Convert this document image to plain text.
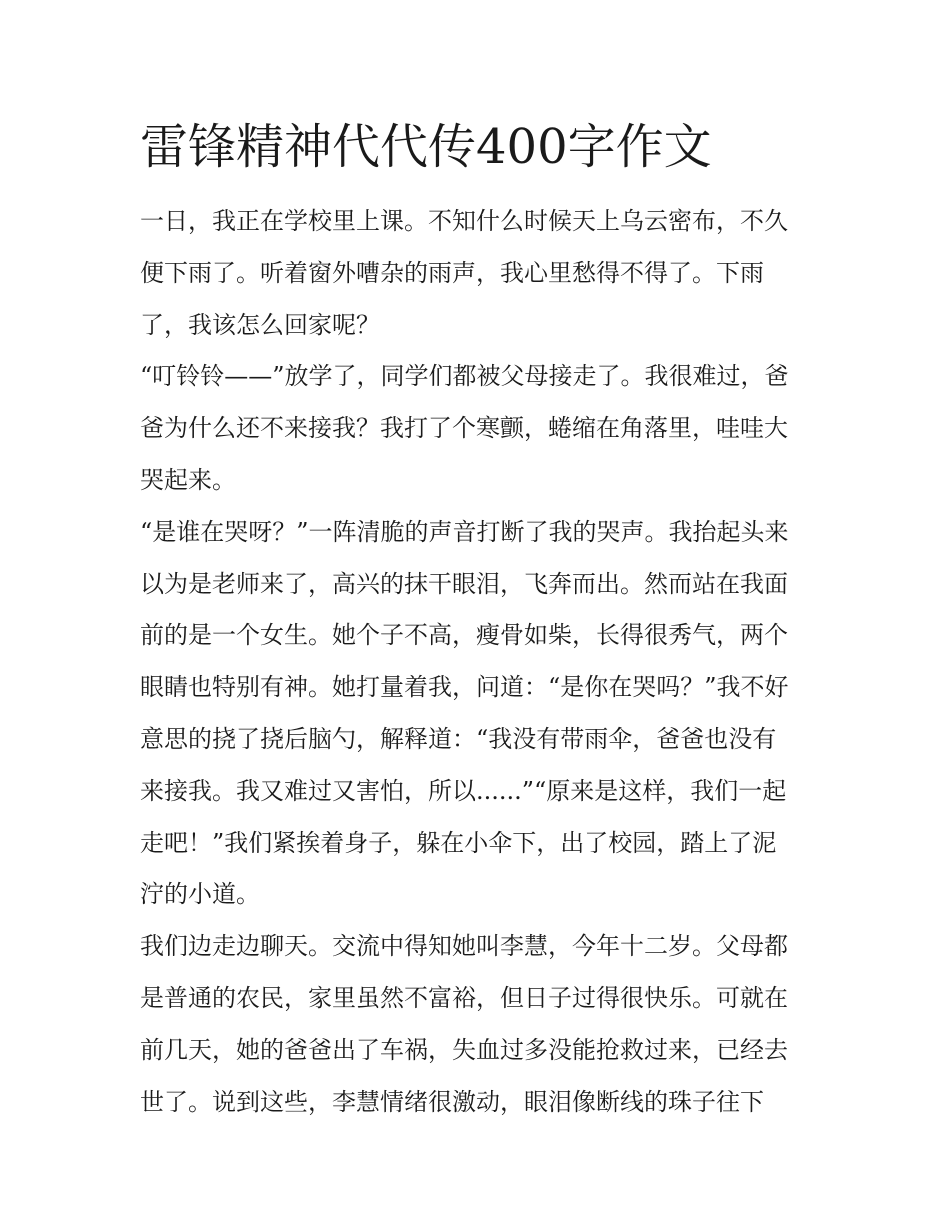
雷锋精神代代传400字作文

一日，我正在学校里上课。不知什么时候天上乌云密布，不久
便下雨了。听着窗外嘈杂的雨声，我心里愁得不得了。下雨
了，我该怎么回家呢？

“叮铃铃——”放学了，同学们都被父母接走了。我很难过，爸
爸为什么还不来接我？我打了个寒颤，蜷缩在角落里，哇哇大
哭起来。

“是谁在哭呀？”一阵清脆的声音打断了我的哭声。我抬起头来
以为是老师来了，高兴的抹干眼泪，飞奔而出。然而站在我面
前的是一个女生。她个子不高，瘦骨如柴，长得很秀气，两个
眼睛也特别有神。她打量着我，问道：“是你在哭吗？”我不好
意思的挠了挠后脑勺，解释道：“我没有带雨伞，爸爸也没有
来接我。我又难过又害怕，所以......”“原来是这样，我们一起
走吧！”我们紧挨着身子，躲在小伞下，出了校园，踏上了泥
泞的小道。

我们边走边聊天。交流中得知她叫李慧，今年十二岁。父母都
是普通的农民，家里虽然不富裕，但日子过得很快乐。可就在
前几天，她的爸爸出了车祸，失血过多没能抢救过来，已经去
世了。说到这些，李慧情绪很激动，眼泪像断线的珠子往下
